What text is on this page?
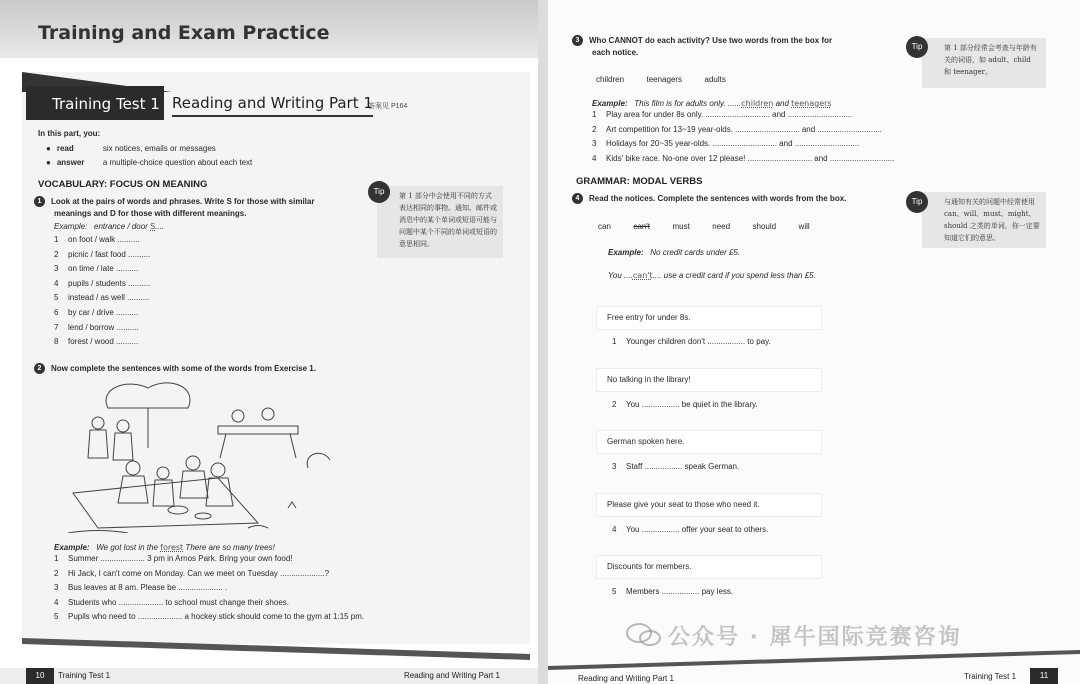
Training and Exam Practice
Training Test 1 Reading and Writing Part 1
答案见 P164
In this part, you:
● read	six notices, emails or messages
● answer a multiple-choice question about each text
VOCABULARY: FOCUS ON MEANING
1 Look at the pairs of words and phrases. Write S for those with similar
meanings and D for those with different meanings.
Example: entrance / door S....
1 on foot / walk ..........
2 picnic / fast food ..........
3 on time / late ..........
4 pupils / students ..........
5 instead / as well ..........
6 by car / drive ..........
7 lend / borrow ..........
8 forest / wood ..........
第 1 部分中会使用不同的方式表达相同的事物。通知、邮件或消息中的某个单词或短语可能与问题中某个不同的单词或短语的意思相同。
Tip
2 Now complete the sentences with some of the words from Exercise 1.
Example: We got lost in the forest There are so many trees!
1 Summer .................... 3 pm in Arnos Park. Bring your own food!
2 Hi Jack, I can't come on Monday. Can we meet on Tuesday ....................?
3 Bus leaves at 8 am. Please be .................... .
4 Students who .................... to school must change their shoes.
5 Pupils who need to .................... a hockey stick should come to the gym at 1:15 pm.
10	Training Test 1	Reading and Writing Part 1
3 Who CANNOT do each activity? Use two words from the box for
each notice.
children	teenagers	adults
Example: This film is for adults only. ......children and teenagers
1 Play area for under 8s only. ............................. and .............................
2 Art competition for 13~19 year-olds. ............................. and .............................
3 Holidays for 20~35 year-olds. ............................. and .............................
4 Kids' bike race. No-one over 12 please! ............................. and .............................
第 1 部分经常会考查与年龄有关的词语，如 adult、child 和 teenager。
Tip
GRAMMAR: MODAL VERBS
4 Read the notices. Complete the sentences with words from the box.
can	can't	must	need	should	will
Example: No credit cards under £5.
You ....can't.... use a credit card if you spend less than £5.
Free entry for under 8s.
1 Younger children don't ................. to pay.
No talking in the library!
2 You ................. be quiet in the library.
German spoken here.
3 Staff ................. speak German.
Please give your seat to those who need it.
4 You ................. offer your seat to others.
Discounts for members.
5 Members ................. pay less.
与通知有关的问题中经常使用 can、will、must、might、should 之类的单词，你一定要知道它们的意思。
Tip
Reading and Writing Part 1	Training Test 1	11
公众号 · 犀牛国际竞赛咨询
